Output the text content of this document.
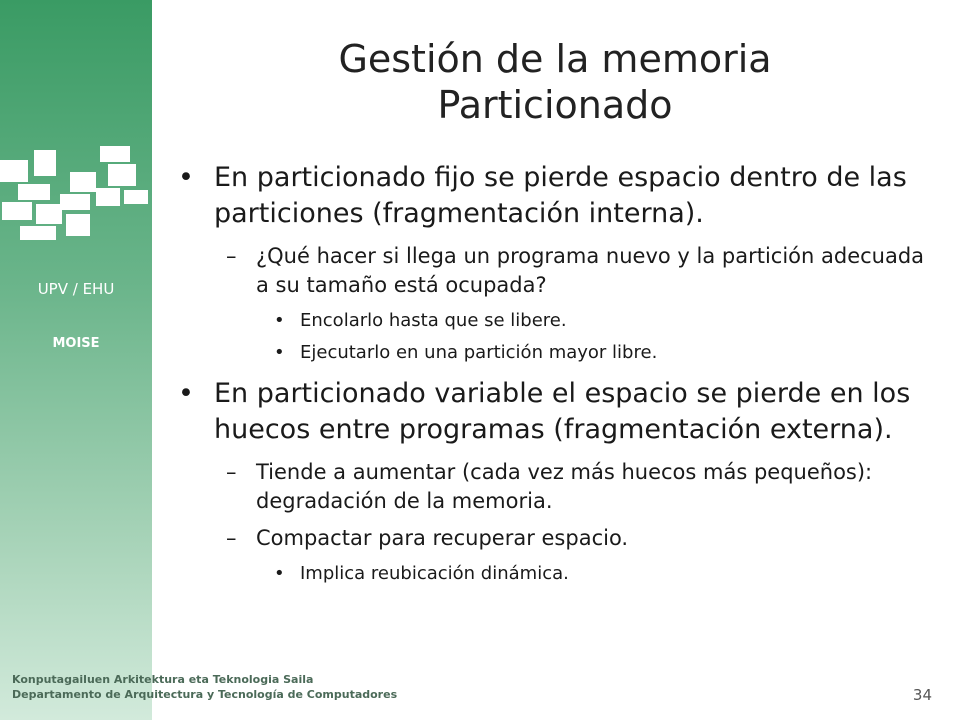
UPV / EHU
MOISE
Gestión de la memoria
Particionado
• En particionado fijo se pierde espacio dentro de las particiones (fragmentación interna).
– ¿Qué hacer si llega un programa nuevo y la partición adecuada a su tamaño está ocupada?
• Encolarlo hasta que se libere.
• Ejecutarlo en una partición mayor libre.
• En particionado variable el espacio se pierde en los huecos entre programas (fragmentación externa).
– Tiende a aumentar (cada vez más huecos más pequeños): degradación de la memoria.
– Compactar para recuperar espacio.
• Implica reubicación dinámica.
Konputagailuen Arkitektura eta Teknologia Saila
Departamento de Arquitectura y Tecnología de Computadores	34
